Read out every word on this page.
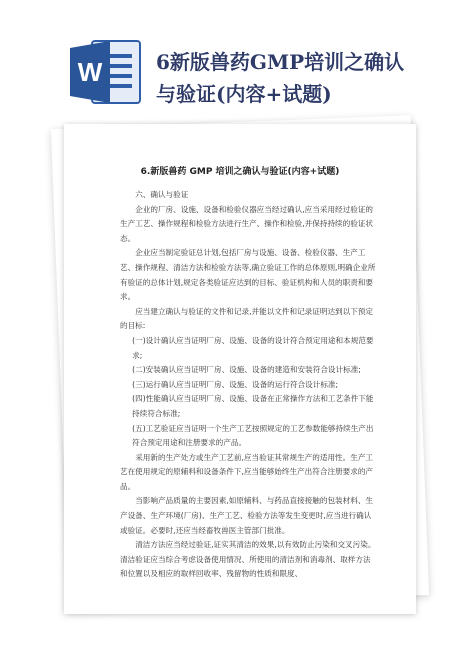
W	6新版兽药GMP培训之确认
与验证(内容+试题)
6.新版兽药 GMP 培训之确认与验证(内容+试题)

六、确认与验证

企业的厂房、设施、设备和检验仪器应当经过确认,应当采用经过验证的生产工艺、操作规程和检验方法进行生产、操作和检验,并保持持续的验证状态。

企业应当制定验证总计划,包括厂房与设施、设备、检验仪器、生产工艺、操作规程、清洁方法和检验方法等,确立验证工作的总体原则,明确企业所有验证的总体计划,规定各类验证应达到的目标、验证机构和人员的职责和要求。

应当建立确认与验证的文件和记录,并能以文件和记录证明达到以下预定的目标:

(一)设计确认应当证明厂房、设施、设备的设计符合预定用途和本规范要求;

(二)安装确认应当证明厂房、设施、设备的建造和安装符合设计标准;

(三)运行确认应当证明厂房、设施、设备的运行符合设计标准;

(四)性能确认应当证明厂房、设施、设备在正常操作方法和工艺条件下能持续符合标准;

(五)工艺验证应当证明一个生产工艺按照规定的工艺参数能够持续生产出符合预定用途和注册要求的产品。

采用新的生产处方或生产工艺前,应当验证其常规生产的适用性。生产工艺在使用规定的原辅料和设备条件下,应当能够始终生产出符合注册要求的产品。

当影响产品质量的主要因素,如原辅料、与药品直接接触的包装材料、生产设备、生产环境(厂房)、生产工艺、检验方法等发生变更时,应当进行确认或验证。必要时,还应当经畜牧兽医主管部门批准。

清洁方法应当经过验证,证实其清洁的效果,以有效防止污染和交叉污染。清洁验证应当综合考虑设备使用情况、所使用的清洁剂和消毒剂、取样方法和位置以及相应的取样回收率、残留物的性质和限度、
